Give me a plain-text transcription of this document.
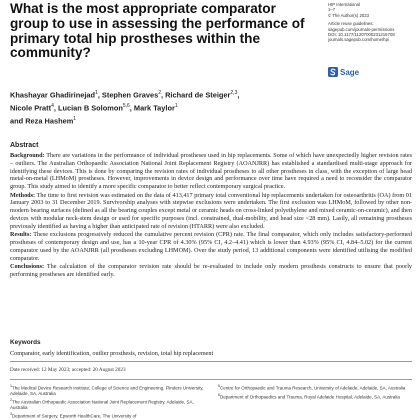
What is the most appropriate comparator group to use in assessing the performance of primary total hip prostheses within the community?
HIP International
1–7
© The Author(s) 2023
Article reuse guidelines:
sagepub.com/journals-permissions
DOI: 10.1177/11207000231216708
journals.sagepub.com/home/hpi
Sage
Khashayar Ghadirinejad$^1$, Stephen Graves$^2$, Richard de Steiger$^{2,3}$,
Nicole Pratt$^4$, Lucian B Solomon$^{5,6}$, Mark Taylor$^1$
and Reza Hashem$^1$
Abstract

Background: There are variations in the performance of individual prostheses used in hip replacements. Some of which have unexpectedly higher revision rates – outliers. The Australian Orthopaedic Association National Joint Replacement Registry (AOANJRR) has established a standardised multi-stage approach for identifying these devices. This is done by comparing the revision rates of individual prostheses to all other prostheses in class, with the exception of large head metal-on-metal (LHMoM) prostheses. However, improvements in device design and performance over time have required a need to reconsider the comparator group. This study aimed to identify a more specific comparator to better reflect contemporary surgical practice.

Methods: The time to first revision was estimated on the data of 413,417 primary total conventional hip replacements undertaken for osteoarthritis (OA) from 01 January 2003 to 31 December 2019. Survivorship analyses with stepwise exclusions were undertaken. The first exclusion was LHMoM, followed by other non-modern bearing surfaces (defined as all the bearing couples except metal or ceramic heads on cross-linked polyethylene and mixed ceramic-on-ceramic), and then devices with modular neck-stem design or used for specific purposes (incl. constrained, dual-mobility, and head size <28 mm). Lastly, all remaining prostheses previously identified as having a higher than anticipated rate of revision (HTARR) were also excluded.

Results: These exclusions progressively reduced the cumulative percent revision (CPR) rate. The final comparator, which only includes satisfactory-performed prostheses of contemporary design and use, has a 10-year CPR of 4.30% (95% CI, 4.2–4.41) which is lower than 4.93% (95% CI, 4.84–5.02) for the current comparator used by the AOANJRR (all prostheses excluding LHMOM). Over the study period, 13 additional components were identified utilising the modified comparator.

Conclusions: The calculation of the comparator revision rate should be re-evaluated to include only modern prosthesis constructs to ensure that poorly performing prostheses are identified early.

Keywords
Comparator, early identification, outlier prosthesis, revision, total hip replacement
Date received: 12 May 2023; accepted: 20 August 2023
$^1$The Medical Device Research Institute, College of Science and Engineering, Flinders University, Adelaide, SA, Australia
$^2$The Australian Orthopaedic Association National Joint Replacement Registry, Adelaide, SA, Australia
$^3$Department of Surgery, Epworth HealthCare, The University of
$^5$Centre for Orthopaedic and Trauma Research, University of Adelaide, Adelaide, SA, Australia
$^6$Department of Orthopaedics and Trauma, Royal Adelaide Hospital, Adelaide, SA, Australia
